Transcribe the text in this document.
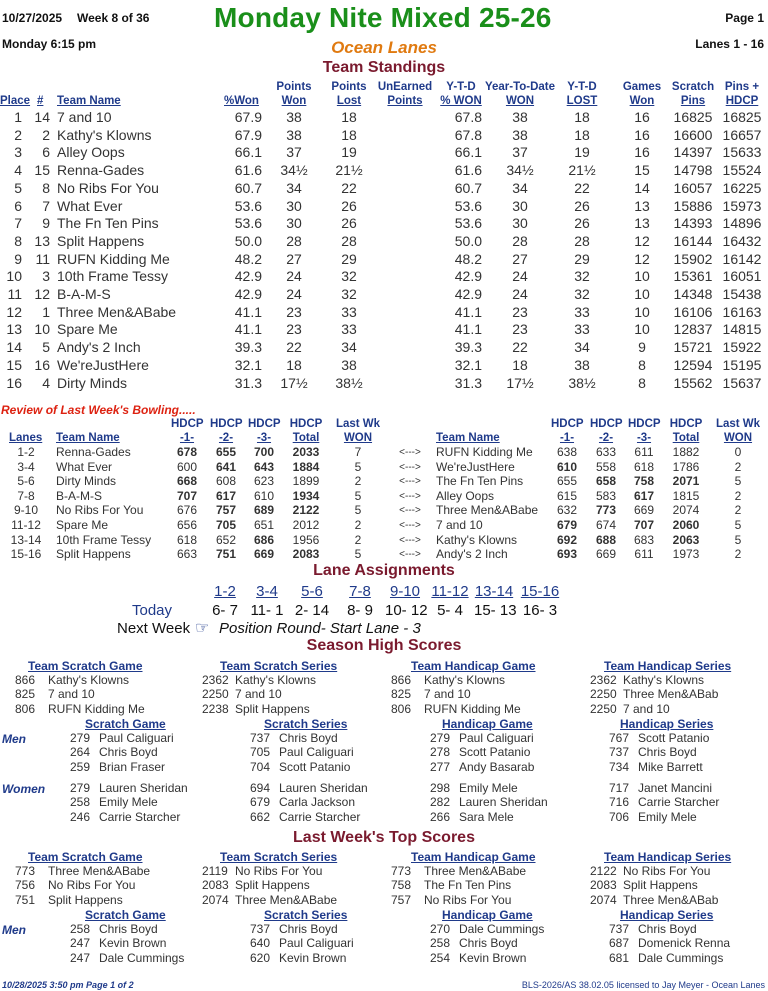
10/27/2025 Week 8 of 36 Monday Nite Mixed 25-26	Page 1
Monday 6:15 pm	Ocean Lanes	Lanes 1 - 16
Team Standings
Place # Team Name	%Won
Points
Won
Points
Lost
UnEarned
Points
Y-T-D
% WON
Year-To-Date
WON
Y-T-D
LOST
Games
Won
Scratch
Pins
Pins +
HDCP
1 14 7 and 10	67.9	38	18	67.8	38	18	16	16825 16825
2 2 Kathy's Klowns	67.9	38	18	67.8	38	18	16	16600 16657
3 6 Alley Oops	66.1	37	19	66.1	37	19	16	14397 15633
4 15 Renna-Gades	61.6	34½	21½	61.6	34½	21½	15	14798 15524
5 8 No Ribs For You	60.7	34	22	60.7	34	22	14	16057 16225
6 7 What Ever	53.6	30	26	53.6	30	26	13	15886 15973
7 9 The Fn Ten Pins	53.6	30	26	53.6	30	26	13	14393 14896
8 13 Split Happens	50.0	28	28	50.0	28	28	12	16144 16432
9 11 RUFN Kidding Me	48.2	27	29	48.2	27	29	12	15902 16142
10 3 10th Frame Tessy	42.9	24	32	42.9	24	32	10	15361 16051
11 12 B-A-M-S	42.9	24	32	42.9	24	32	10	14348 15438
12 1 Three Men&ABabe	41.1	23	33	41.1	23	33	10	16106 16163
13 10 Spare Me	41.1	23	33	41.1	23	33	10	12837 14815
14 5 Andy's 2 Inch	39.3	22	34	39.3	22	34	9	15721 15922
15 16 We'reJustHere	32.1	18	38	32.1	18	38	8	12594 15195
16 4 Dirty Minds	31.3	17½	38½	31.3	17½	38½	8	15562 15637
Review of Last Week's Bowling.....
Lanes Team Name
HDCP
-1-
HDCP
-2-
HDCP
-3-
HDCP
Total
Last Wk
WON	Team Name
HDCP
-1-
HDCP
-2-
HDCP
-3-
HDCP
Total
Last Wk
WON
1-2	Renna-Gades	678	655	700	2033	7	<--->	RUFN Kidding Me	638	633	611	1882	0
3-4	What Ever	600	641	643	1884	5	<--->	We'reJustHere	610	558	618	1786	2
5-6	Dirty Minds	668	608	623	1899	2	<--->	The Fn Ten Pins	655	658	758	2071	5
7-8	B-A-M-S	707	617	610	1934	5	<--->	Alley Oops	615	583	617	1815	2
9-10	No Ribs For You	676	757	689	2122	5	<--->	Three Men&ABabe	632	773	669	2074	2
11-12	Spare Me	656	705	651	2012	2	<--->	7 and 10	679	674	707	2060	5
13-14	10th Frame Tessy	618	652	686	1956	2	<--->	Kathy's Klowns	692	688	683	2063	5
15-16	Split Happens	663	751	669	2083	5	<--->	Andy's 2 Inch	693	669	611	1973	2
Lane Assignments
1-2
6- 7
3-4
11- 1
5-6
2- 14
7-8
8- 9
9-10
10- 12
11-12
5- 4
13-14
15- 13
15-16
16- 3
Today
Next Week ☞ Position Round- Start Lane - 3
Season High Scores
Team Scratch Game
866 Kathy's Klowns
825 7 and 10
806 RUFN Kidding Me
Team Scratch Series
2362 Kathy's Klowns
2250 7 and 10
2238 Split Happens
Team Handicap Game
866 Kathy's Klowns
825 7 and 10
806 RUFN Kidding Me
Team Handicap Series
2362 Kathy's Klowns
2250 Three Men&ABab
2250 7 and 10
Scratch Game	Scratch Series	Handicap Game	Handicap Series
Men	279 Paul Caliguari
264 Chris Boyd
259 Brian Fraser
737 Chris Boyd
705 Paul Caliguari
704 Scott Patanio
279 Paul Caliguari
278 Scott Patanio
277 Andy Basarab
767 Scott Patanio
737 Chris Boyd
734 Mike Barrett
Women 279 Lauren Sheridan
258 Emily Mele
246 Carrie Starcher
694 Lauren Sheridan
679 Carla Jackson
662 Carrie Starcher
298 Emily Mele
282 Lauren Sheridan
266 Sara Mele
717 Janet Mancini
716 Carrie Starcher
706 Emily Mele
Last Week's Top Scores
Team Scratch Game
773 Three Men&ABabe
756 No Ribs For You
751 Split Happens
Team Scratch Series
2119 No Ribs For You
2083 Split Happens
2074 Three Men&ABabe
Team Handicap Game
773 Three Men&ABabe
758 The Fn Ten Pins
757 No Ribs For You
Team Handicap Series
2122 No Ribs For You
2083 Split Happens
2074 Three Men&ABab
Scratch Game	Scratch Series	Handicap Game	Handicap Series
Men	258 Chris Boyd
247 Kevin Brown
247 Dale Cummings
737 Chris Boyd
640 Paul Caliguari
620 Kevin Brown
270 Dale Cummings
258 Chris Boyd
254 Kevin Brown
737 Chris Boyd
687 Domenick Renna
681 Dale Cummings
10/28/2025 3:50 pm Page 1 of 2	BLS-2026/AS 38.02.05 licensed to Jay Meyer - Ocean Lanes
